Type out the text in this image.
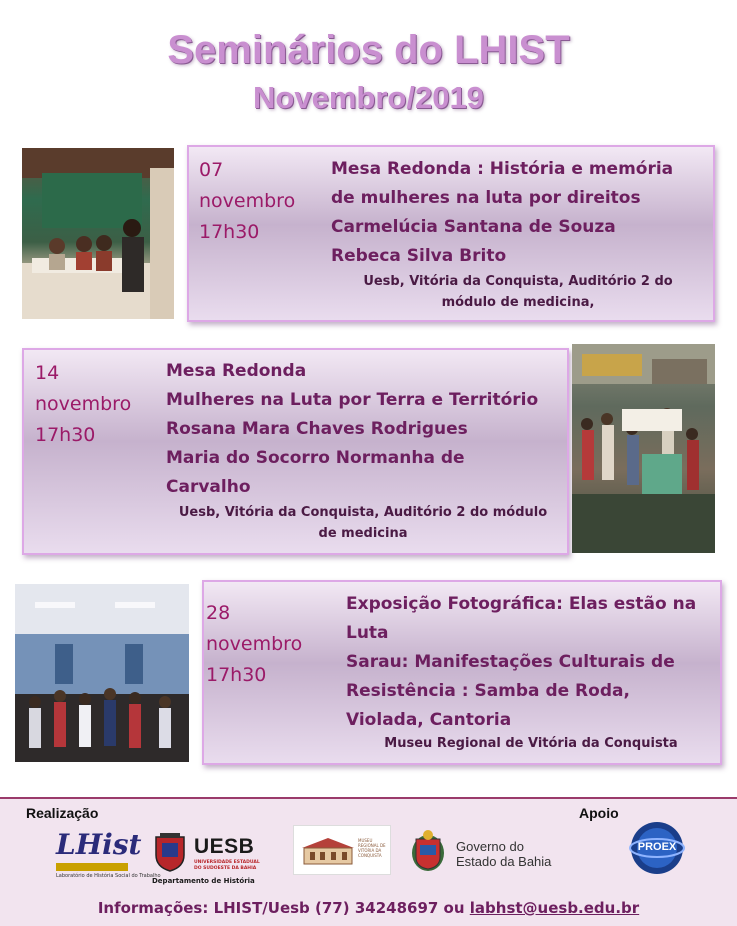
Seminários do LHIST
Novembro/2019
07
novembro
17h30
Mesa Redonda : História e memória
de mulheres na luta por direitos
Carmelúcia Santana de Souza
Rebeca Silva Brito
Uesb, Vitória da Conquista, Auditório 2 do
módulo de medicina,
14
novembro
17h30
Mesa Redonda
Mulheres na Luta por Terra e Território
Rosana Mara Chaves Rodrigues
Maria do Socorro Normanha de
Carvalho
Uesb, Vitória da Conquista, Auditório 2 do módulo
de medicina
28
novembro
17h30
Exposição Fotográfica: Elas estão na
Luta
Sarau: Manifestações Culturais de
Resistência : Samba de Roda,
Violada, Cantoria
Museu Regional de Vitória da Conquista
Realização	Apoio
LHist
Laboratório de História Social do Trabalho
UESB
UNIVERSIDADE ESTADUAL DO SUDOESTE DA BAHIA
Departamento de História
MUSEU REGIONAL DE VITÓRIA DA CONQUISTA
Governo do
Estado da Bahia
PROEX
Informações: LHIST/Uesb (77) 34248697 ou labhst@uesb.edu.br
